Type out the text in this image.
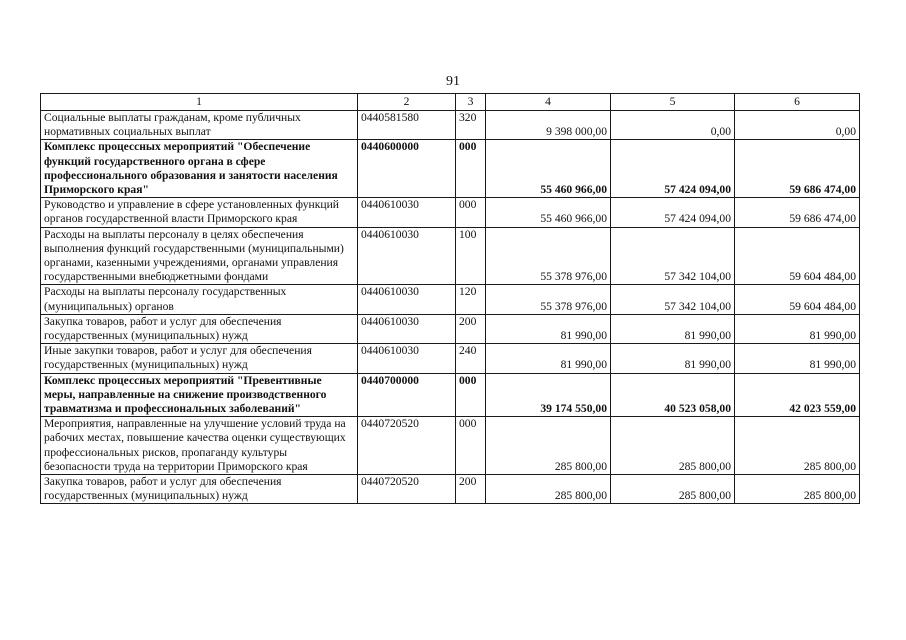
91
1	2	3	4	5	6
Социальные выплаты гражданам, кроме публичных нормативных социальных выплат	0440581580	320	9 398 000,00	0,00	0,00
Комплекс процессных мероприятий "Обеспечение функций государственного органа в сфере профессионального образования и занятости населения Приморского края"	0440600000	000	55 460 966,00	57 424 094,00	59 686 474,00
Руководство и управление в сфере установленных функций органов государственной власти Приморского края	0440610030	000	55 460 966,00	57 424 094,00	59 686 474,00
Расходы на выплаты персоналу в целях обеспечения выполнения функций государственными (муниципальными) органами, казенными учреждениями, органами управления государственными внебюджетными фондами	0440610030	100	55 378 976,00	57 342 104,00	59 604 484,00
Расходы на выплаты персоналу государственных (муниципальных) органов	0440610030	120	55 378 976,00	57 342 104,00	59 604 484,00
Закупка товаров, работ и услуг для обеспечения государственных (муниципальных) нужд	0440610030	200	81 990,00	81 990,00	81 990,00
Иные закупки товаров, работ и услуг для обеспечения государственных (муниципальных) нужд	0440610030	240	81 990,00	81 990,00	81 990,00
Комплекс процессных мероприятий "Превентивные меры, направленные на снижение производственного травматизма и профессиональных заболеваний"	0440700000	000	39 174 550,00	40 523 058,00	42 023 559,00
Мероприятия, направленные на улучшение условий труда на рабочих местах, повышение качества оценки существующих профессиональных рисков, пропаганду культуры безопасности труда на территории Приморского края	0440720520	000	285 800,00	285 800,00	285 800,00
Закупка товаров, работ и услуг для обеспечения государственных (муниципальных) нужд	0440720520	200	285 800,00	285 800,00	285 800,00
